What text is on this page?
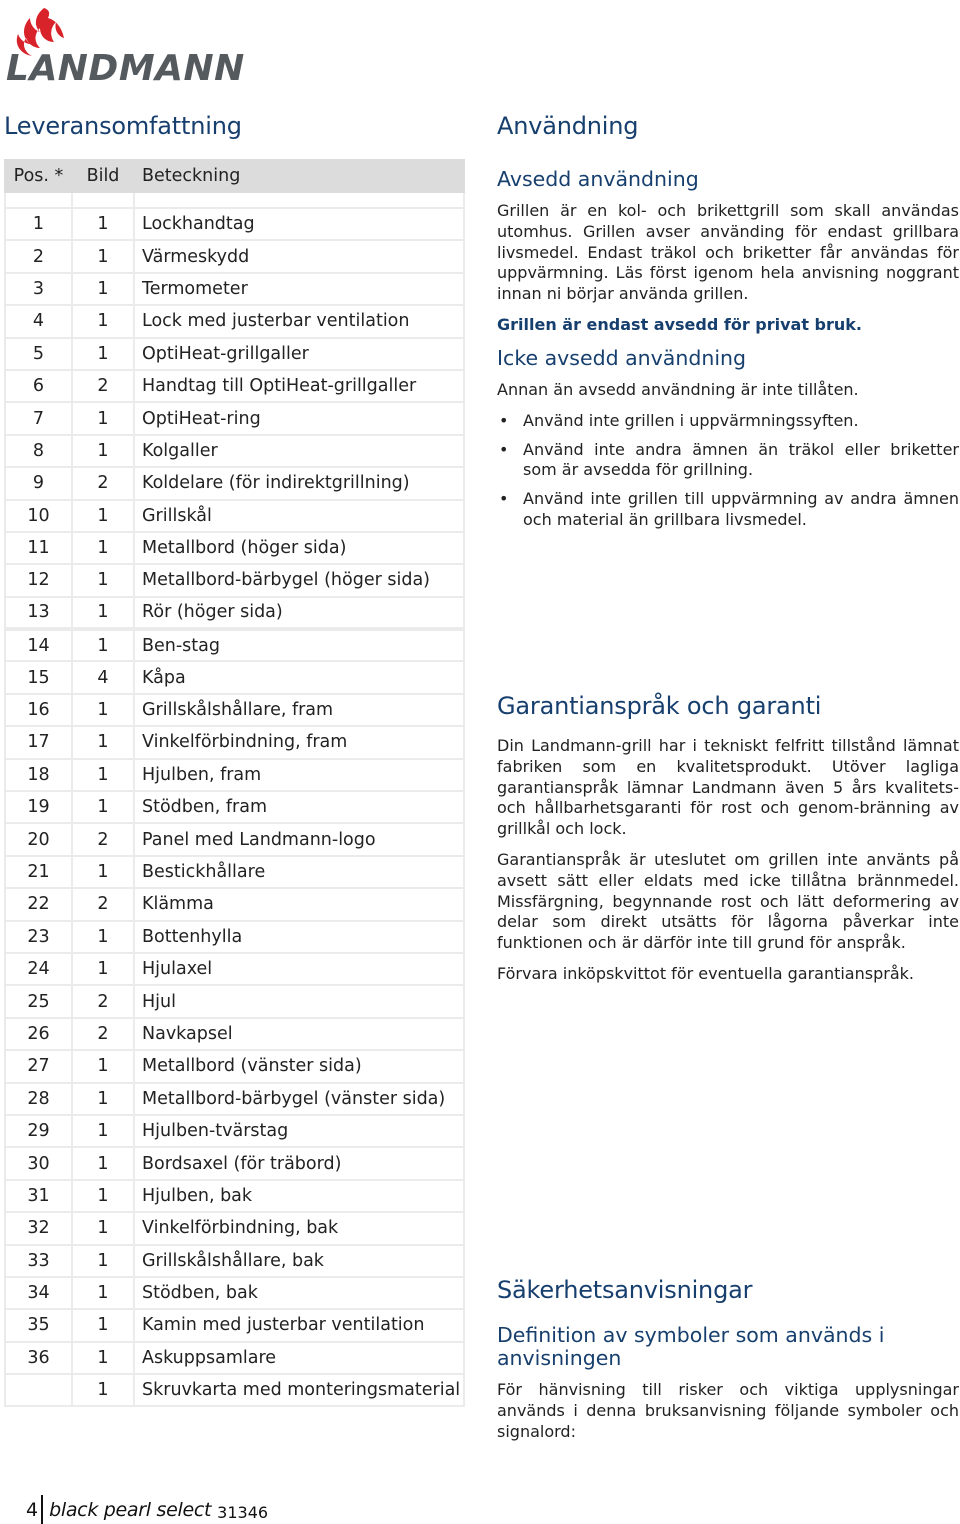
LANDMANN
Leveransomfattning
Pos. *	Bild	Beteckning

1	1	Lockhandtag
2	1	Värmeskydd
3	1	Termometer
4	1	Lock med justerbar ventilation
5	1	OptiHeat-grillgaller
6	2	Handtag till OptiHeat-grillgaller
7	1	OptiHeat-ring
8	1	Kolgaller
9	2	Koldelare (för indirektgrillning)
10	1	Grillskål
11	1	Metallbord (höger sida)
12	1	Metallbord-bärbygel (höger sida)
13	1	Rör (höger sida)
14	1	Ben-stag
15	4	Kåpa
16	1	Grillskålshållare, fram
17	1	Vinkelförbindning, fram
18	1	Hjulben, fram
19	1	Stödben, fram
20	2	Panel med Landmann-logo
21	1	Bestickhållare
22	2	Klämma
23	1	Bottenhylla
24	1	Hjulaxel
25	2	Hjul
26	2	Navkapsel
27	1	Metallbord (vänster sida)
28	1	Metallbord-bärbygel (vänster sida)
29	1	Hjulben-tvärstag
30	1	Bordsaxel (för träbord)
31	1	Hjulben, bak
32	1	Vinkelförbindning, bak
33	1	Grillskålshållare, bak
34	1	Stödben, bak
35	1	Kamin med justerbar ventilation
36	1	Askuppsamlare
	1	Skruvkarta med monteringsmaterial
Användning
Avsedd användning
Grillen är en kol- och brikettgrill som skall användas utomhus. Grillen avser använding för endast grillbara livsmedel. Endast träkol och briketter får användas för uppvärmning. Läs först igenom hela anvisning noggrant innan ni börjar använda grillen.
Grillen är endast avsedd för privat bruk.
Icke avsedd användning
Annan än avsedd användning är inte tillåten.
• Använd inte grillen i uppvärmningssyften.
• Använd inte andra ämnen än träkol eller briketter som är avsedda för grillning.
• Använd inte grillen till uppvärmning av andra ämnen och material än grillbara livsmedel.
Garantianspråk och garanti
Din Landmann-grill har i tekniskt felfritt tillstånd lämnat fabriken som en kvalitetsprodukt. Utöver lagliga garantianspråk lämnar Landmann även 5 års kvalitets- och hållbarhetsgaranti för rost och genom-bränning av grillkål och lock.
Garantianspråk är uteslutet om grillen inte använts på avsett sätt eller eldats med icke tillåtna brännmedel. Missfärgning, begynnande rost och lätt deformering av delar som direkt utsätts för lågorna påverkar inte funktionen och är därför inte till grund för anspråk.
Förvara inköpskvittot för eventuella garantianspråk.
Säkerhetsanvisningar
Definition av symboler som används i anvisningen
För hänvisning till risker och viktiga upplysningar används i denna bruksanvisning följande symboler och signalord:
4 black pearl select 31346
